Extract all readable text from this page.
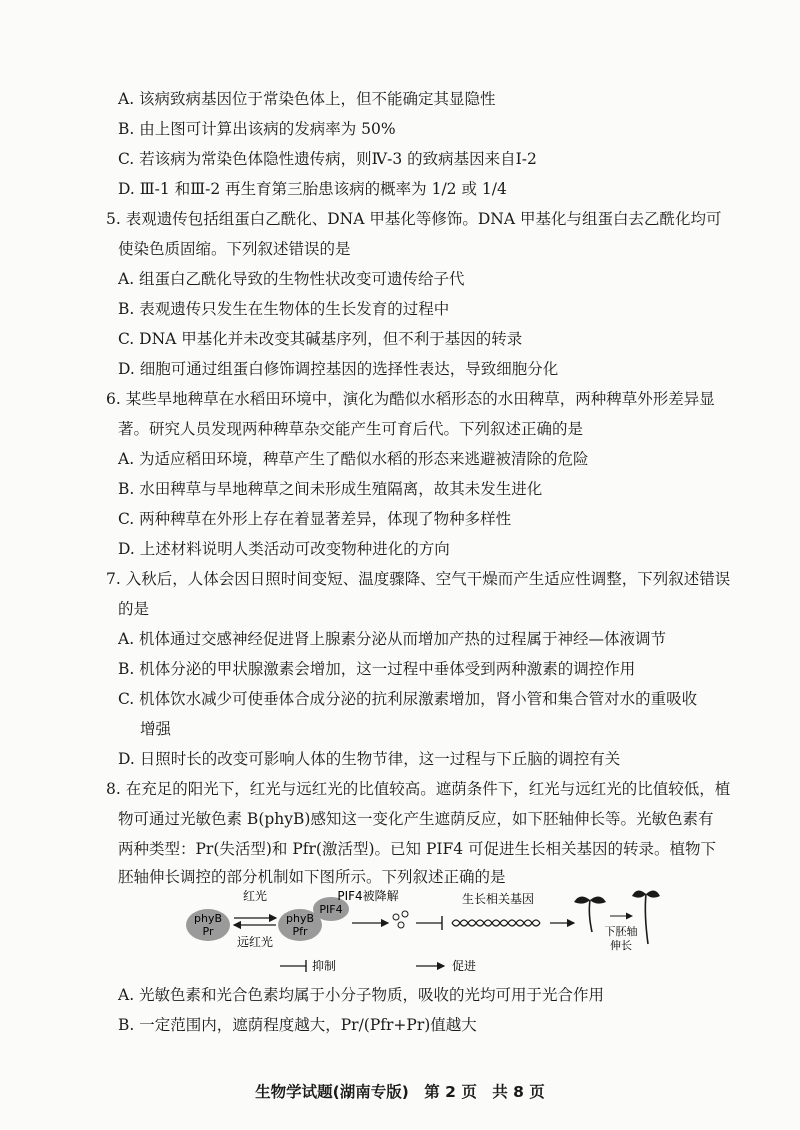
A. 该病致病基因位于常染色体上，但不能确定其显隐性
B. 由上图可计算出该病的发病率为 50%
C. 若该病为常染色体隐性遗传病，则Ⅳ-3 的致病基因来自Ⅰ-2
D. Ⅲ-1 和Ⅲ-2 再生育第三胎患该病的概率为 1/2 或 1/4
5. 表观遗传包括组蛋白乙酰化、DNA 甲基化等修饰。DNA 甲基化与组蛋白去乙酰化均可
使染色质固缩。下列叙述错误的是
A. 组蛋白乙酰化导致的生物性状改变可遗传给子代
B. 表观遗传只发生在生物体的生长发育的过程中
C. DNA 甲基化并未改变其碱基序列，但不利于基因的转录
D. 细胞可通过组蛋白修饰调控基因的选择性表达，导致细胞分化
6. 某些旱地稗草在水稻田环境中，演化为酷似水稻形态的水田稗草，两种稗草外形差异显
著。研究人员发现两种稗草杂交能产生可育后代。下列叙述正确的是
A. 为适应稻田环境，稗草产生了酷似水稻的形态来逃避被清除的危险
B. 水田稗草与旱地稗草之间未形成生殖隔离，故其未发生进化
C. 两种稗草在外形上存在着显著差异，体现了物种多样性
D. 上述材料说明人类活动可改变物种进化的方向
7. 入秋后，人体会因日照时间变短、温度骤降、空气干燥而产生适应性调整，下列叙述错误
的是
A. 机体通过交感神经促进肾上腺素分泌从而增加产热的过程属于神经—体液调节
B. 机体分泌的甲状腺激素会增加，这一过程中垂体受到两种激素的调控作用
C. 机体饮水减少可使垂体合成分泌的抗利尿激素增加，肾小管和集合管对水的重吸收
增强
D. 日照时长的改变可影响人体的生物节律，这一过程与下丘脑的调控有关
8. 在充足的阳光下，红光与远红光的比值较高。遮荫条件下，红光与远红光的比值较低，植
物可通过光敏色素 B(phyB)感知这一变化产生遮荫反应，如下胚轴伸长等。光敏色素有
两种类型：Pr(失活型)和 Pfr(激活型)。已知 PIF4 可促进生长相关基因的转录。植物下
胚轴伸长调控的部分机制如下图所示。下列叙述正确的是
phyB
Pr
红光
远红光
phyB
Pfr
PIF4
PIF4被降解	生长相关基因
下胚轴
伸长
抑制	促进
A. 光敏色素和光合色素均属于小分子物质，吸收的光均可用于光合作用
B. 一定范围内，遮荫程度越大，Pr/(Pfr+Pr)值越大
生物学试题(湖南专版) 第 2 页 共 8 页
